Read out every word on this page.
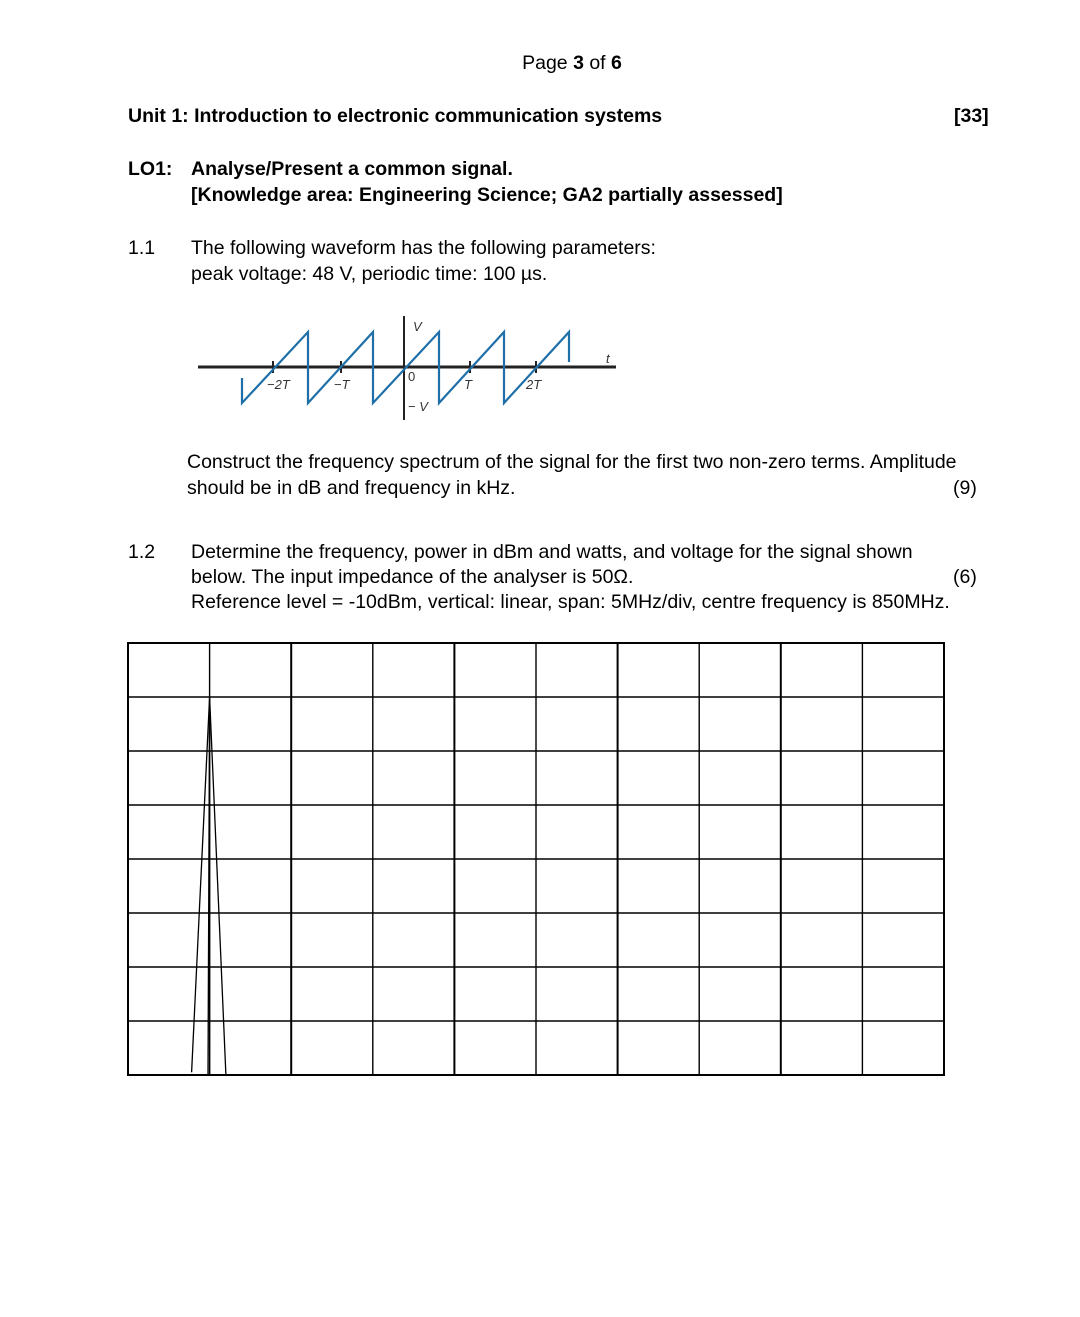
Page 3 of 6
Unit 1: Introduction to electronic communication systems	[33]
LO1: Analyse/Present a common signal.
[Knowledge area: Engineering Science; GA2 partially assessed]
1.1 The following waveform has the following parameters:
peak voltage: 48 V, periodic time: 100 µs.
V
t
−2T	−T
0
T	2T
− V
Construct the frequency spectrum of the signal for the first two non-zero terms. Amplitude
should be in dB and frequency in kHz.	(9)
1.2 Determine the frequency, power in dBm and watts, and voltage for the signal shown
below. The input impedance of the analyser is 50Ω.	(6)
Reference level = -10dBm, vertical: linear, span: 5MHz/div, centre frequency is 850MHz.
